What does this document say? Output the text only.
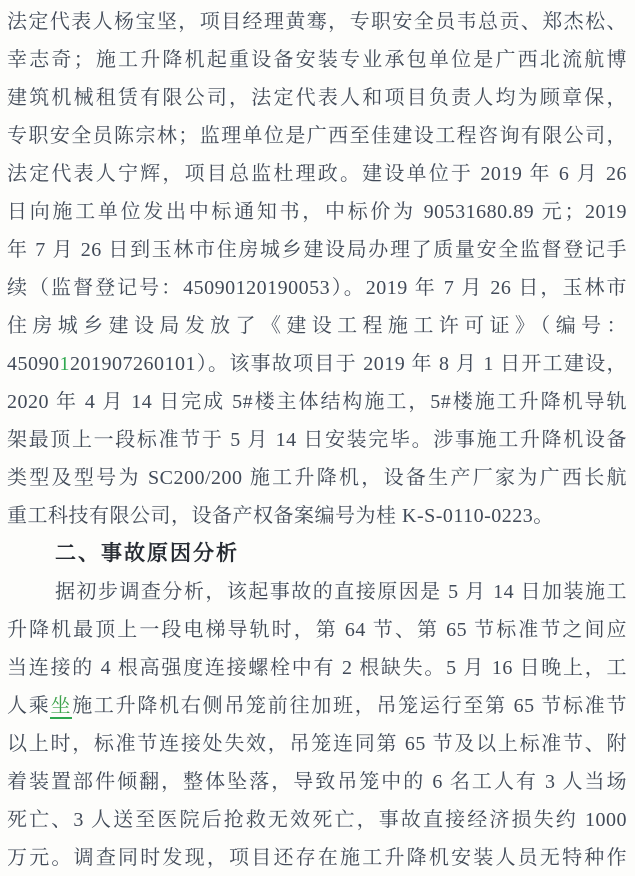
法定代表人杨宝坚，项目经理黄骞，专职安全员韦总贡、郑杰松、
幸志奇；施工升降机起重设备安装专业承包单位是广西北流航博
建筑机械租赁有限公司，法定代表人和项目负责人均为顾章保，
专职安全员陈宗林；监理单位是广西至佳建设工程咨询有限公司，
法定代表人宁辉，项目总监杜理政。建设单位于 2019 年 6 月 26
日向施工单位发出中标通知书，中标价为 90531680.89 元；2019
年 7 月 26 日到玉林市住房城乡建设局办理了质量安全监督登记手
续（监督登记号：45090120190053）。2019 年 7 月 26 日，玉林市
住房城乡建设局发放了《建设工程施工许可证》（编号：
450901201907260101）。该事故项目于 2019 年 8 月 1 日开工建设，
2020 年 4 月 14 日完成 5#楼主体结构施工，5#楼施工升降机导轨
架最顶上一段标准节于 5 月 14 日安装完毕。涉事施工升降机设备
类型及型号为 SC200/200 施工升降机，设备生产厂家为广西长航
重工科技有限公司，设备产权备案编号为桂 K-S-0110-0223。
二、事故原因分析
据初步调查分析，该起事故的直接原因是 5 月 14 日加装施工
升降机最顶上一段电梯导轨时，第 64 节、第 65 节标准节之间应
当连接的 4 根高强度连接螺栓中有 2 根缺失。5 月 16 日晚上，工
人乘坐施工升降机右侧吊笼前往加班，吊笼运行至第 65 节标准节
以上时，标准节连接处失效，吊笼连同第 65 节及以上标准节、附
着装置部件倾翻，整体坠落，导致吊笼中的 6 名工人有 3 人当场
死亡、3 人送至医院后抢救无效死亡，事故直接经济损失约 1000
万元。调查同时发现，项目还存在施工升降机安装人员无特种作
